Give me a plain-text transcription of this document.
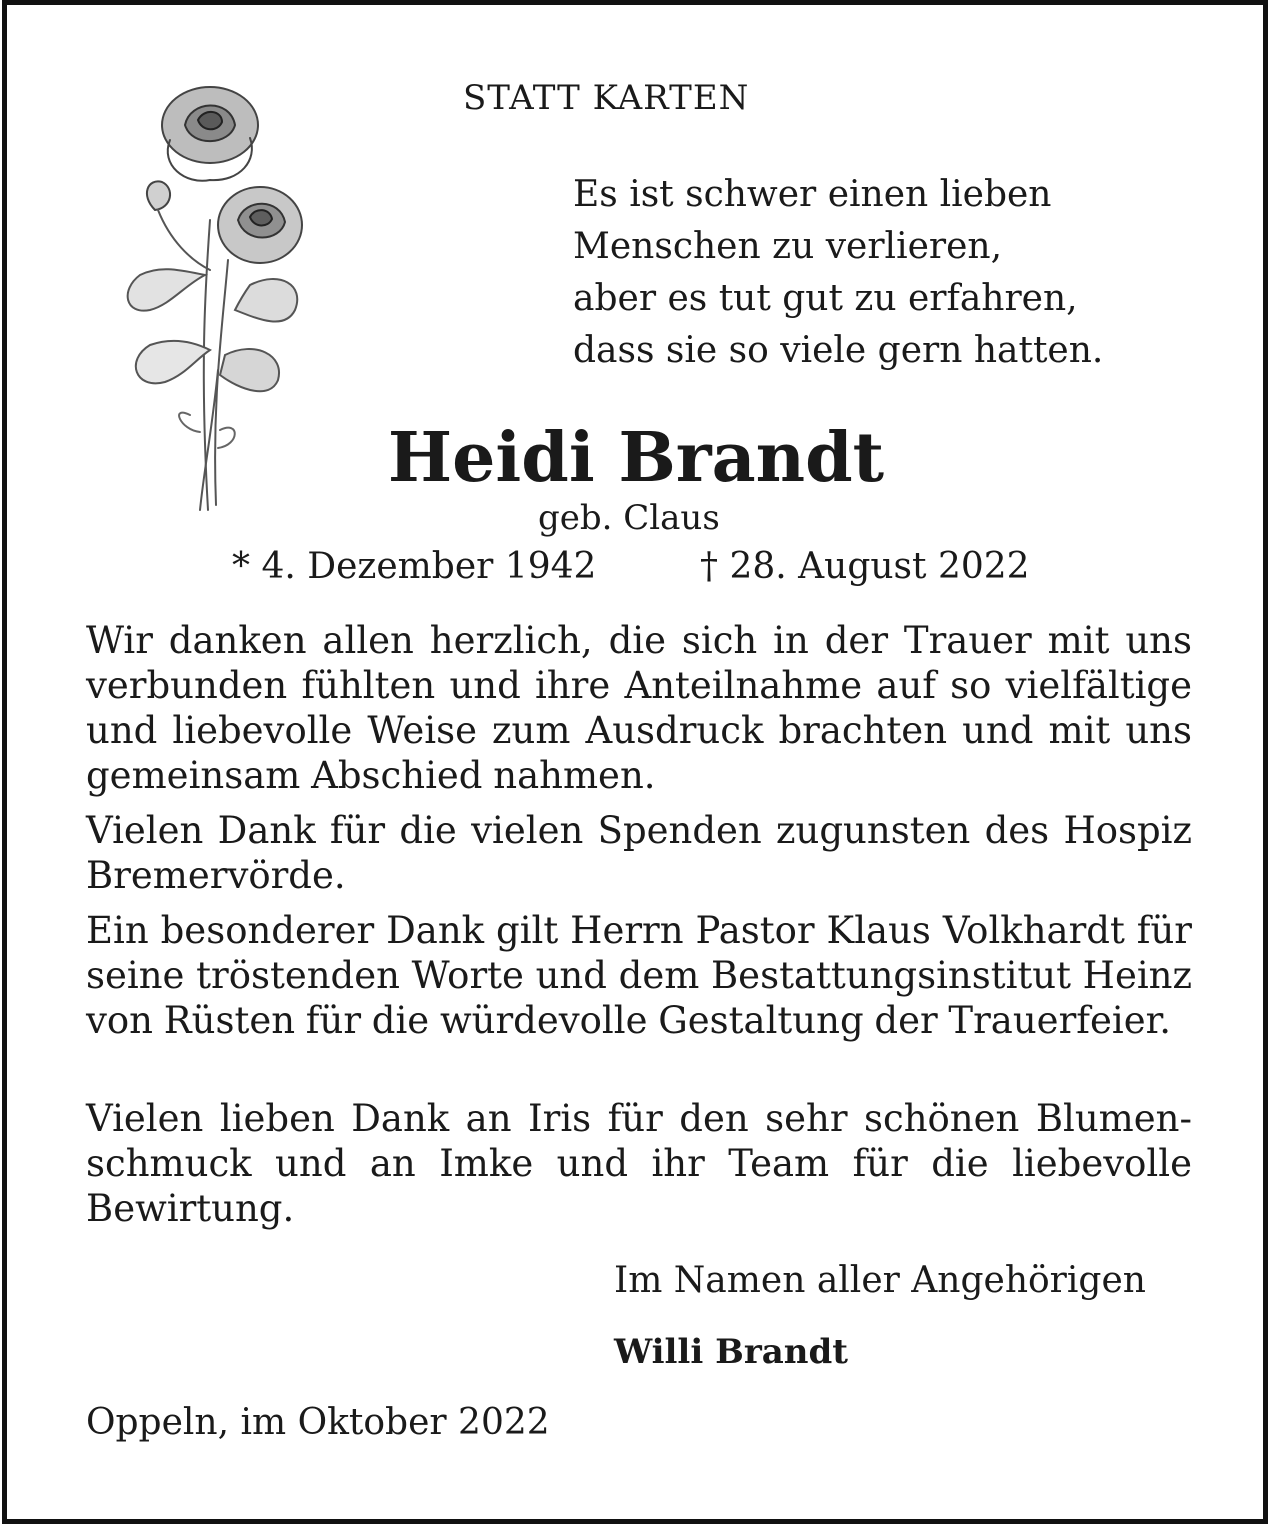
STATT KARTEN
Es ist schwer einen lieben
Menschen zu verlieren,
aber es tut gut zu erfahren,
dass sie so viele gern hatten.
Heidi Brandt
geb. Claus
* 4. Dezember 1942	† 28. August 2022
Wir danken allen herzlich, die sich in der Trauer mit uns verbunden fühlten und ihre Anteilnahme auf so vielfältige und liebevolle Weise zum Ausdruck brachten und mit uns gemeinsam Abschied nahmen.
Vielen Dank für die vielen Spenden zugunsten des Hospiz Bremervörde.
Ein besonderer Dank gilt Herrn Pastor Klaus Volkhardt für seine tröstenden Worte und dem Bestattungsinstitut Heinz von Rüsten für die würdevolle Gestaltung der Trauerfeier.
Vielen lieben Dank an Iris für den sehr schönen Blumenschmuck und an Imke und ihr Team für die liebevolle Bewirtung.
Im Namen aller Angehörigen
Willi Brandt
Oppeln, im Oktober 2022
